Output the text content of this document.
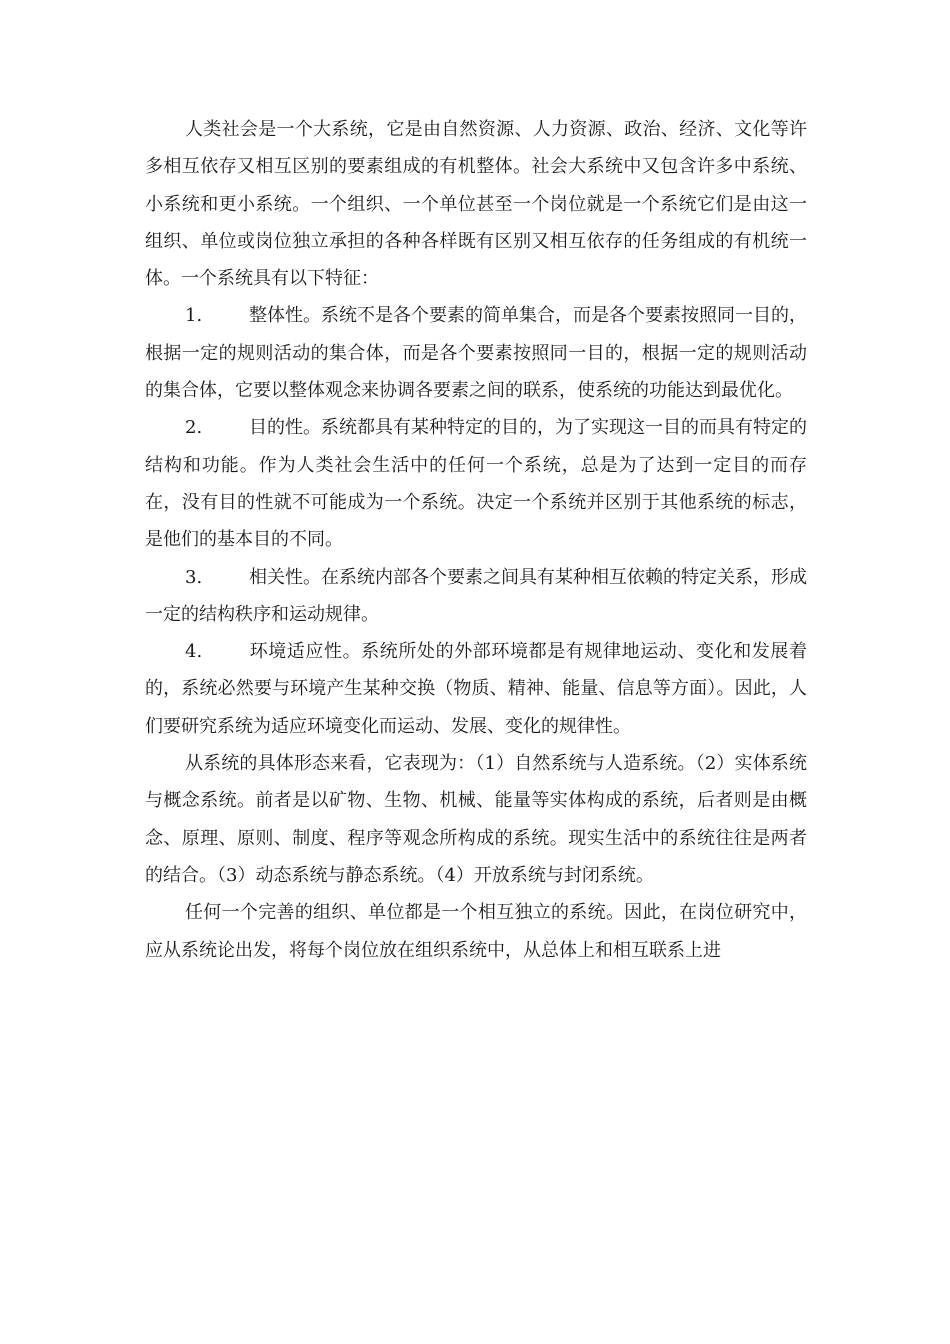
人类社会是一个大系统，它是由自然资源、人力资源、政治、经济、文化等许多相互依存又相互区别的要素组成的有机整体。社会大系统中又包含许多中系统、小系统和更小系统。一个组织、一个单位甚至一个岗位就是一个系统它们是由这一组织、单位或岗位独立承担的各种各样既有区别又相互依存的任务组成的有机统一体。一个系统具有以下特征：

1.	整体性。系统不是各个要素的简单集合，而是各个要素按照同一目的，根据一定的规则活动的集合体，而是各个要素按照同一目的，根据一定的规则活动的集合体，它要以整体观念来协调各要素之间的联系，使系统的功能达到最优化。

2.	目的性。系统都具有某种特定的目的，为了实现这一目的而具有特定的结构和功能。作为人类社会生活中的任何一个系统，总是为了达到一定目的而存在，没有目的性就不可能成为一个系统。决定一个系统并区别于其他系统的标志，是他们的基本目的不同。

3.	相关性。在系统内部各个要素之间具有某种相互依赖的特定关系，形成一定的结构秩序和运动规律。

4.	环境适应性。系统所处的外部环境都是有规律地运动、变化和发展着的，系统必然要与环境产生某种交换（物质、精神、能量、信息等方面）。因此，人们要研究系统为适应环境变化而运动、发展、变化的规律性。

从系统的具体形态来看，它表现为：（1）自然系统与人造系统。（2）实体系统与概念系统。前者是以矿物、生物、机械、能量等实体构成的系统，后者则是由概念、原理、原则、制度、程序等观念所构成的系统。现实生活中的系统往往是两者的结合。（3）动态系统与静态系统。（4）开放系统与封闭系统。

任何一个完善的组织、单位都是一个相互独立的系统。因此，在岗位研究中，应从系统论出发，将每个岗位放在组织系统中，从总体上和相互联系上进
